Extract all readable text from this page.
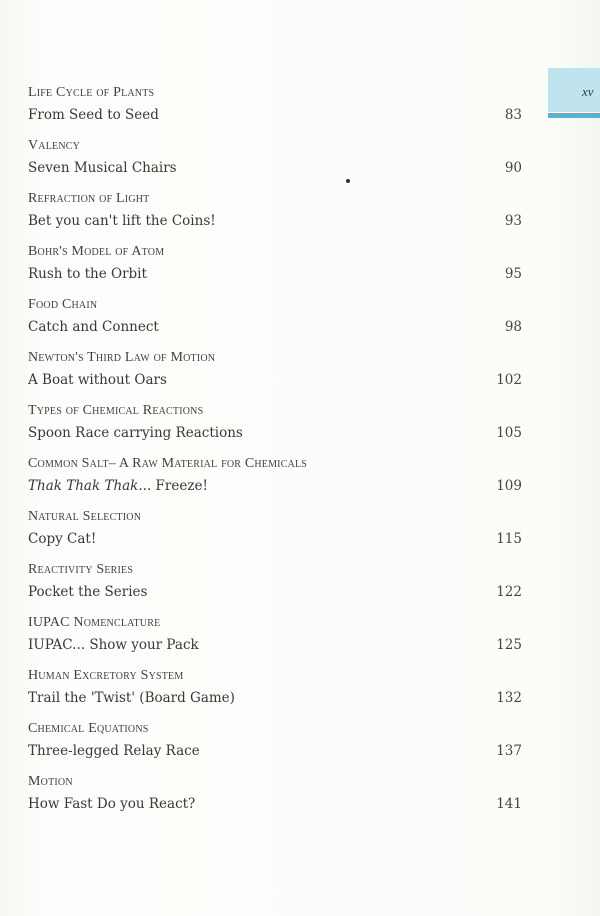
xv
Life Cycle of Plants
From Seed to Seed	83
Valency
Seven Musical Chairs	90
Refraction of Light
Bet you can't lift the Coins!	93
Bohr's Model of Atom
Rush to the Orbit	95
Food Chain
Catch and Connect	98
Newton's Third Law of Motion
A Boat without Oars	102
Types of Chemical Reactions
Spoon Race carrying Reactions	105
Common Salt– A Raw Material for Chemicals
Thak Thak Thak... Freeze!	109
Natural Selection
Copy Cat!	115
Reactivity Series
Pocket the Series	122
IUPAC Nomenclature
IUPAC... Show your Pack	125
Human Excretory System
Trail the 'Twist' (Board Game)	132
Chemical Equations
Three-legged Relay Race	137
Motion
How Fast Do you React?	141
